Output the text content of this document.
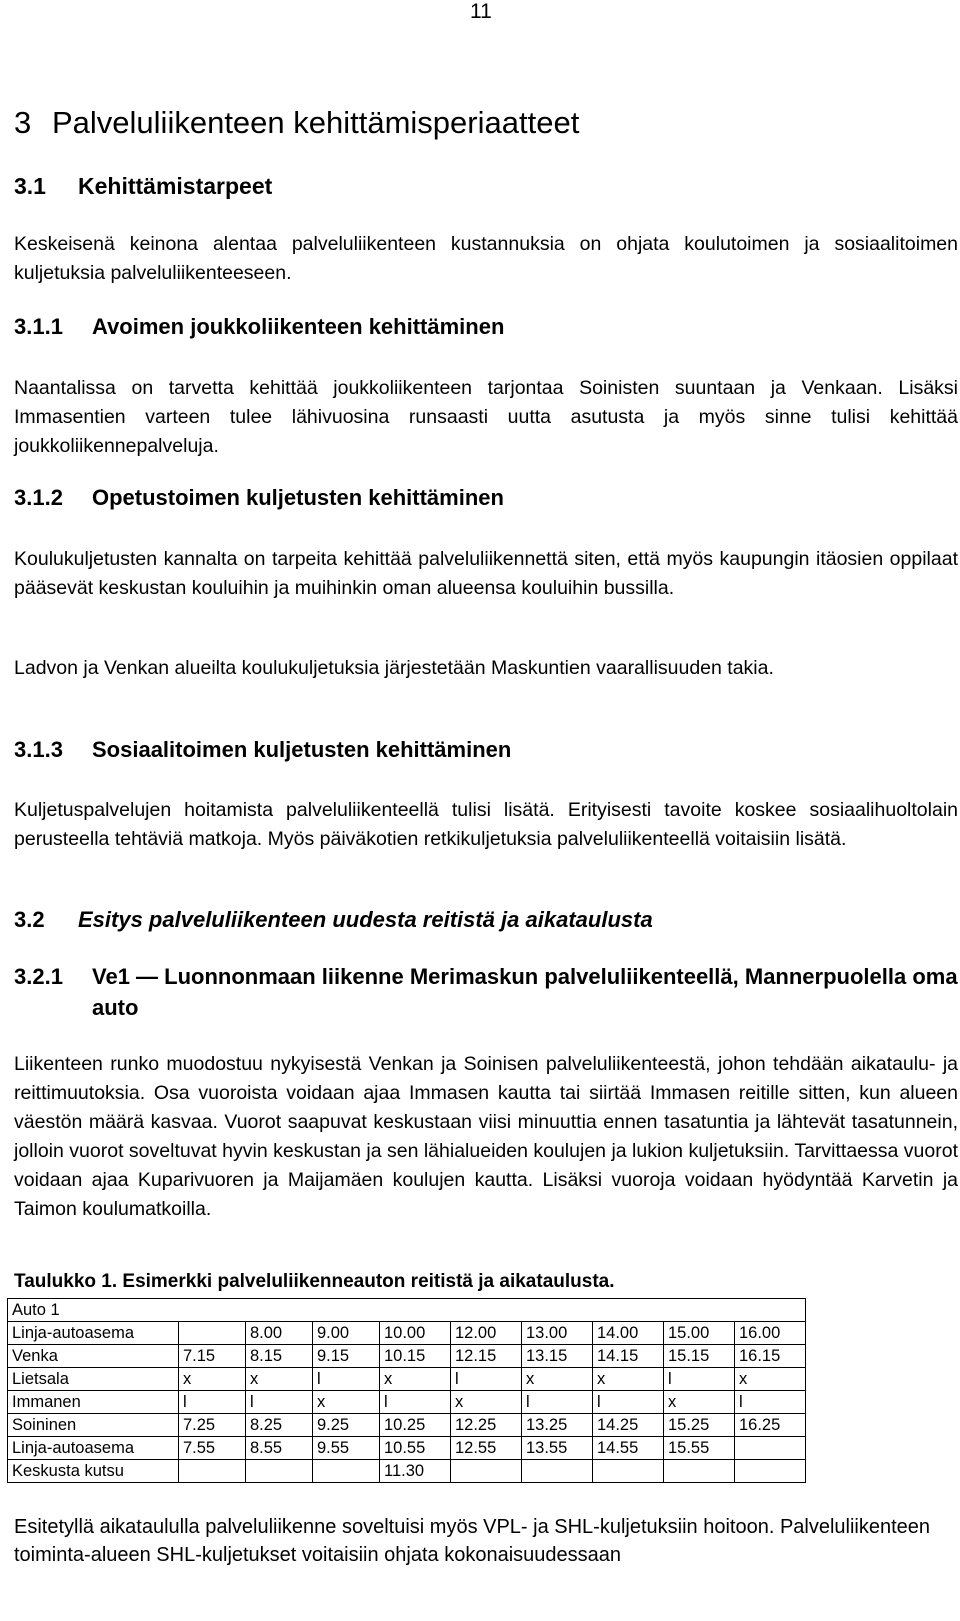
11
3 Palveluliikenteen kehittämisperiaatteet
3.1 Kehittämistarpeet
Keskeisenä keinona alentaa palveluliikenteen kustannuksia on ohjata koulutoimen ja sosiaalitoimen kuljetuksia palveluliikenteeseen.
3.1.1 Avoimen joukkoliikenteen kehittäminen
Naantalissa on tarvetta kehittää joukkoliikenteen tarjontaa Soinisten suuntaan ja Venkaan. Lisäksi Immasentien varteen tulee lähivuosina runsaasti uutta asutusta ja myös sinne tulisi kehittää joukkoliikennepalveluja.
3.1.2 Opetustoimen kuljetusten kehittäminen
Koulukuljetusten kannalta on tarpeita kehittää palveluliikennettä siten, että myös kaupungin itäosien oppilaat pääsevät keskustan kouluihin ja muihinkin oman alueensa kouluihin bussilla.
Ladvon ja Venkan alueilta koulukuljetuksia järjestetään Maskuntien vaarallisuuden takia.
3.1.3 Sosiaalitoimen kuljetusten kehittäminen
Kuljetuspalvelujen hoitamista palveluliikenteellä tulisi lisätä. Erityisesti tavoite koskee sosiaalihuoltolain perusteella tehtäviä matkoja. Myös päiväkotien retkikuljetuksia palveluliikenteellä voitaisiin lisätä.
3.2 Esitys palveluliikenteen uudesta reitistä ja aikataulusta
3.2.1 Ve1 — Luonnonmaan liikenne Merimaskun palveluliikenteellä, Mannerpuolella oma auto
Liikenteen runko muodostuu nykyisestä Venkan ja Soinisen palveluliikenteestä, johon tehdään aikataulu- ja reittimuutoksia. Osa vuoroista voidaan ajaa Immasen kautta tai siirtää Immasen reitille sitten, kun alueen väestön määrä kasvaa. Vuorot saapuvat keskustaan viisi minuuttia ennen tasatuntia ja lähtevät tasatunnein, jolloin vuorot soveltuvat hyvin keskustan ja sen lähialueiden koulujen ja lukion kuljetuksiin. Tarvittaessa vuorot voidaan ajaa Kuparivuoren ja Maijamäen koulujen kautta. Lisäksi vuoroja voidaan hyödyntää Karvetin ja Taimon koulumatkoilla.
Taulukko 1. Esimerkki palveluliikenneauton reitistä ja aikataulusta.
Auto 1									
Linja-autoasema		8.00	9.00	10.00	12.00	13.00	14.00	15.00	16.00
Venka	7.15	8.15	9.15	10.15	12.15	13.15	14.15	15.15	16.15
Lietsala	x	x	l	x	l	x	x	l	x
Immanen	l	l	x	l	x	l	l	x	l
Soininen	7.25	8.25	9.25	10.25	12.25	13.25	14.25	15.25	16.25
Linja-autoasema	7.55	8.55	9.55	10.55	12.55	13.55	14.55	15.55	
Keskusta kutsu				11.30					
Esitetyllä aikataululla palveluliikenne soveltuisi myös VPL- ja SHL-kuljetuksiin hoitoon. Palveluliikenteen toiminta-alueen SHL-kuljetukset voitaisiin ohjata kokonaisuudessaan
